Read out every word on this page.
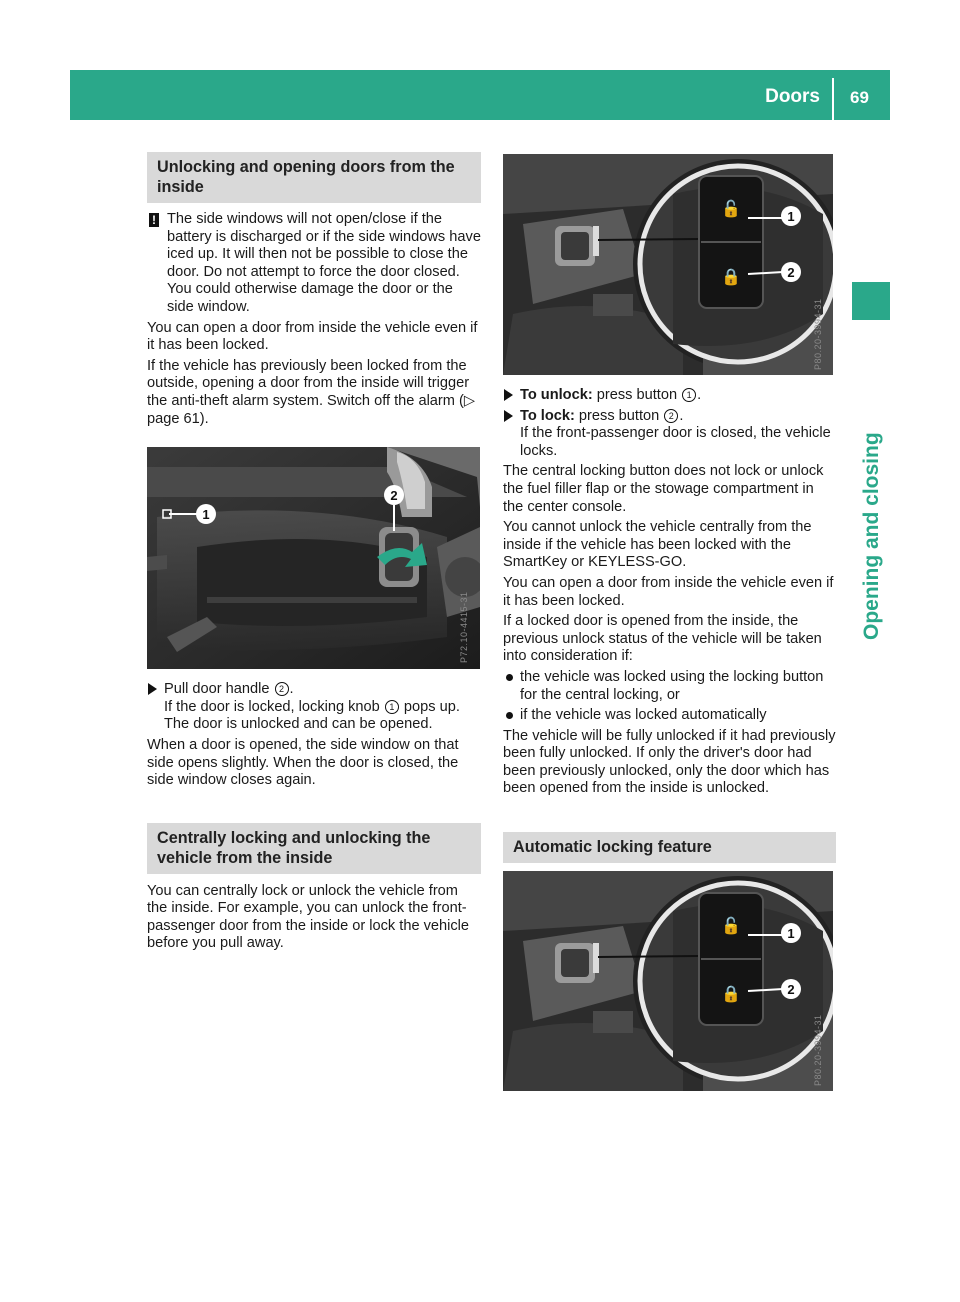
Doors 69
Opening and closing
Unlocking and opening doors from the inside
! The side windows will not open/close if the battery is discharged or if the side windows have iced up. It will then not be possible to close the door. Do not attempt to force the door closed. You could otherwise damage the door or the side window.

You can open a door from inside the vehicle even if it has been locked.

If the vehicle has previously been locked from the outside, opening a door from the inside will trigger the anti-theft alarm system. Switch off the alarm (▷ page 61).

1
2
P72.10-4415-31
Pull door handle 2 .
If the door is locked, locking knob 1 pops up.
The door is unlocked and can be opened.

When a door is opened, the side window on that side opens slightly. When the door is closed, the side window closes again.

Centrally locking and unlocking the vehicle from the inside

You can centrally lock or unlock the vehicle from the inside. For example, you can unlock the front-passenger door from the inside or lock the vehicle before you pull away.

🔓
🔒
1
2
P80.20-3994-31
To unlock: press button 1 .
To lock: press button 2 .
If the front-passenger door is closed, the vehicle locks.

The central locking button does not lock or unlock the fuel filler flap or the stowage compartment in the center console.

You cannot unlock the vehicle centrally from the inside if the vehicle has been locked with the SmartKey or KEYLESS-GO.

You can open a door from inside the vehicle even if it has been locked.

If a locked door is opened from the inside, the previous unlock status of the vehicle will be taken into consideration if:

the vehicle was locked using the locking button for the central locking, or
if the vehicle was locked automatically

The vehicle will be fully unlocked if it had previously been fully unlocked. If only the driver's door had been previously unlocked, only the door which has been opened from the inside is unlocked.

Automatic locking feature
🔓
🔒
1
2
P80.20-3994-31
